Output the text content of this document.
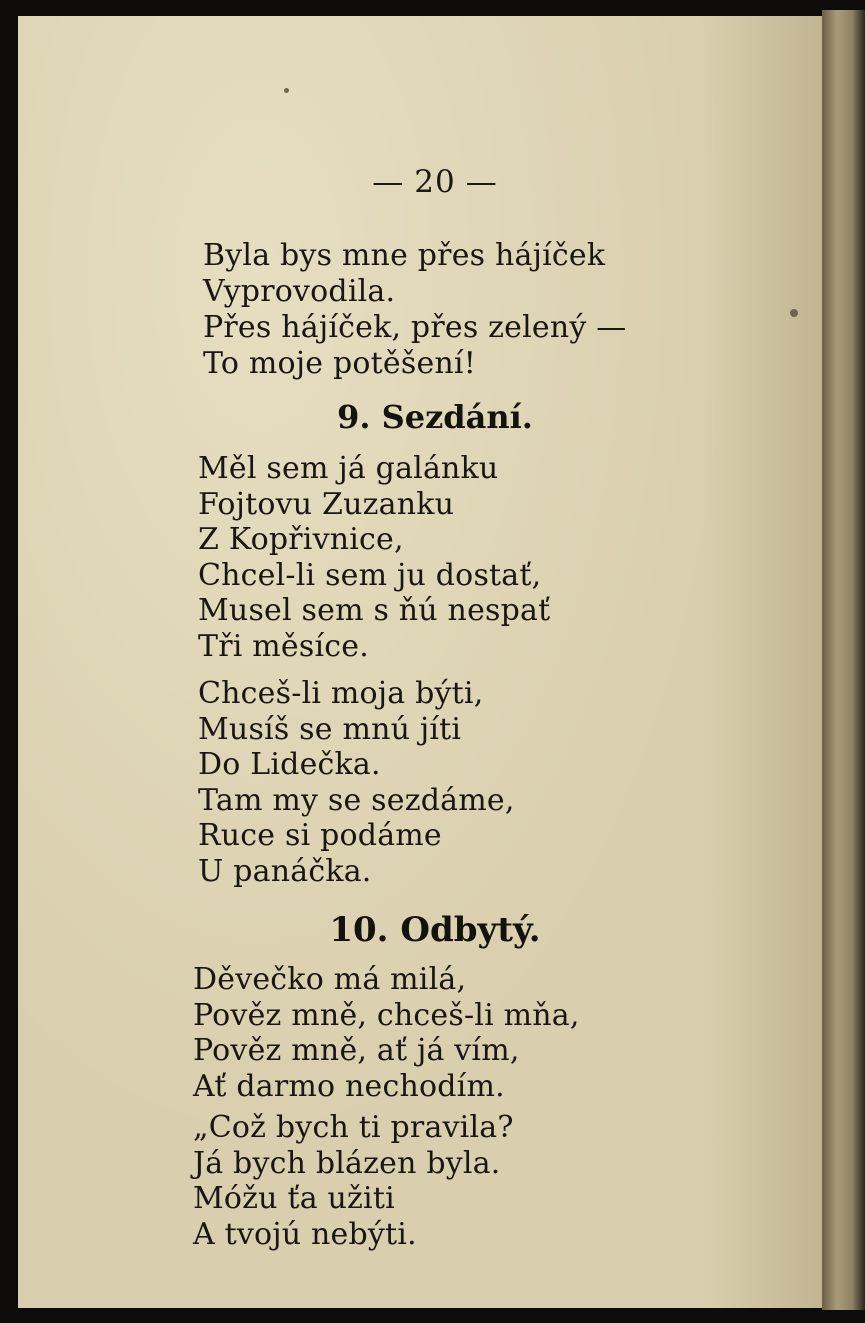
— 20 —
Byla bys mne přes hájíček
Vyprovodila.
Přes hájíček, přes zelený —
To moje potěšení!
9. Sezdání.
Měl sem já galánku
Fojtovu Zuzanku
Z Kopřivnice,
Chcel-li sem ju dostať,
Musel sem s ňú nespať
Tři měsíce.
Chceš-li moja býti,
Musíš se mnú jíti
Do Lidečka.
Tam my se sezdáme,
Ruce si podáme
U panáčka.
10. Odbytý.
Děvečko má milá,
Pověz mně, chceš-li mňa,
Pověz mně, ať já vím,
Ať darmo nechodím.
„Což bych ti pravila?
Já bych blázen byla.
Móžu ťa užiti
A tvojú nebýti.
